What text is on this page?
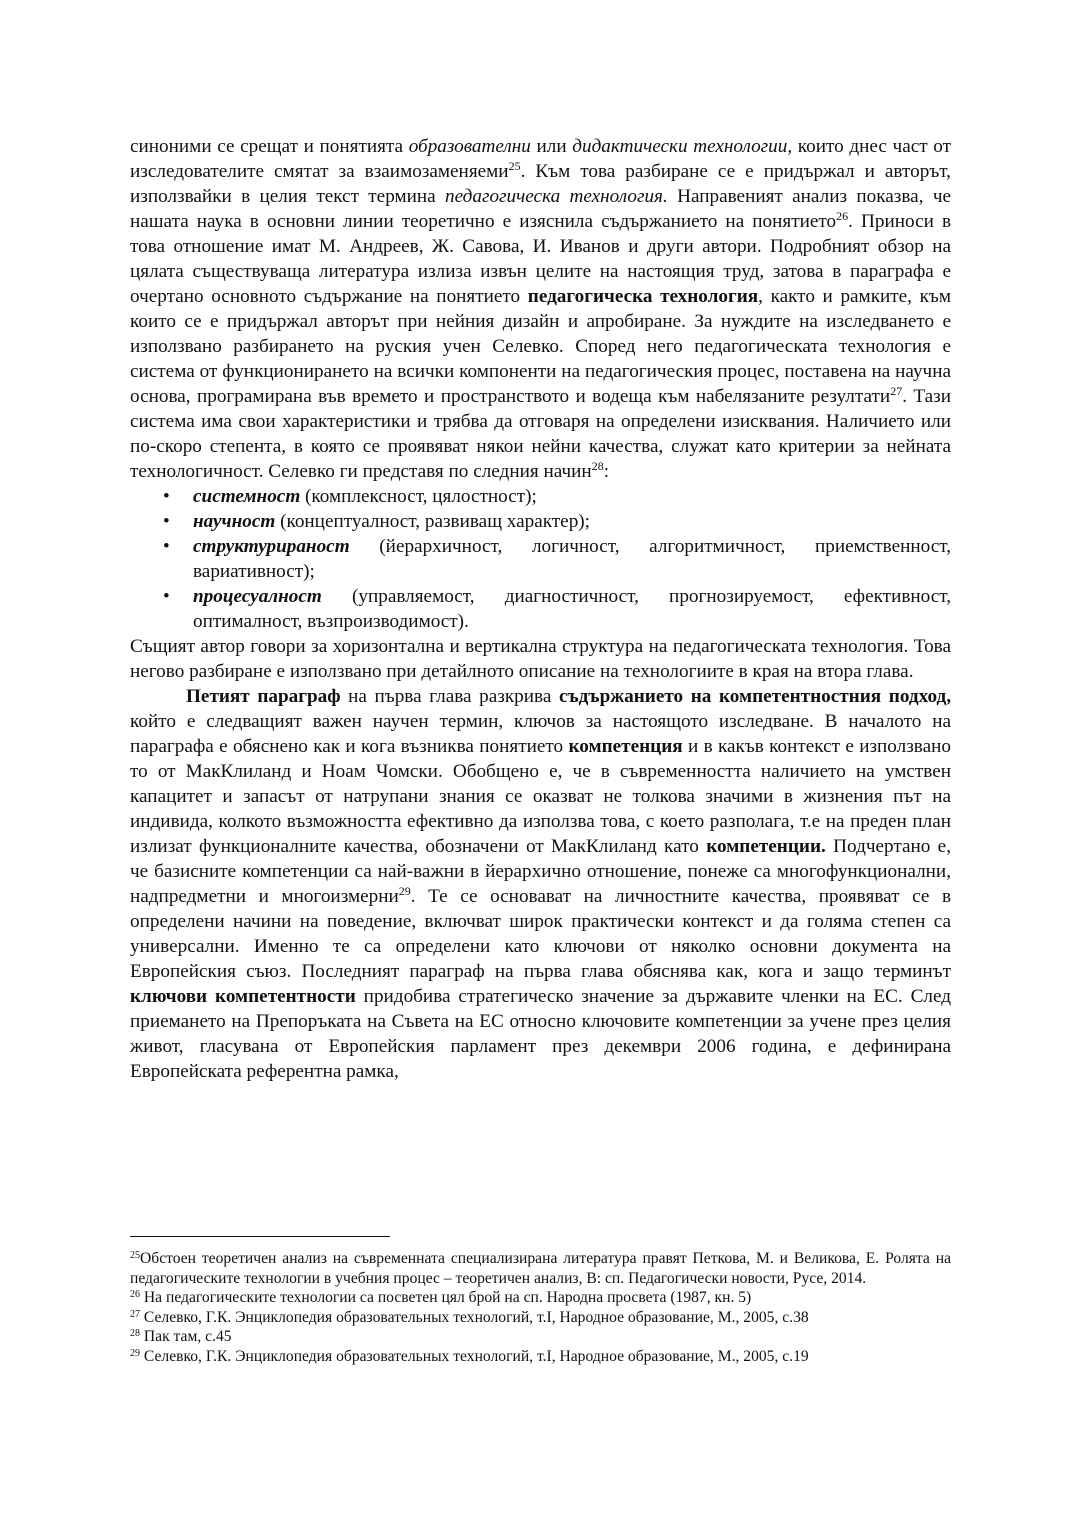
синоними се срещат и понятията образователни или дидактически технологии, които днес част от изследователите смятат за взаимозаменяеми$^{25}$. Към това разбиране се е придържал и авторът, използвайки в целия текст термина педагогическа технология. Направеният анализ показва, че нашата наука в основни линии теоретично е изяснила съдържанието на понятието$^{26}$. Приноси в това отношение имат М. Андреев, Ж. Савова, И. Иванов и други автори. Подробният обзор на цялата съществуваща литература излиза извън целите на настоящия труд, затова в параграфа е очертано основното съдържание на понятието педагогическа технология, както и рамките, към които се е придържал авторът при нейния дизайн и апробиране. За нуждите на изследването е използвано разбирането на руския учен Селевко. Според него педагогическата технология е система от функционирането на всички компоненти на педагогическия процес, поставена на научна основа, програмирана във времето и пространството и водеща към набелязаните резултати$^{27}$. Тази система има свои характеристики и трябва да отговаря на определени изисквания. Наличието или по-скоро степента, в която се проявяват някои нейни качества, служат като критерии за нейната технологичност. Селевко ги представя по следния начин$^{28}$:

•	системност (комплексност, цялостност);
•	научност (концептуалност, развиващ характер);
•	структурираност (йерархичност, логичност, алгоритмичност, приемственност, вариативност);
•	процесуалност (управляемост, диагностичност, прогнозируемост, ефективност, оптималност, възпроизводимост).

Същият автор говори за хоризонтална и вертикална структура на педагогическата технология. Това негово разбиране е използвано при детайлното описание на технологиите в края на втора глава.

Петият параграф на първа глава разкрива съдържанието на компетентностния подход, който е следващият важен научен термин, ключов за настоящото изследване. В началото на параграфа е обяснено как и кога възниква понятието компетенция и в какъв контекст е използвано то от МакКлиланд и Ноам Чомски. Обобщено е, че в съвременността наличието на умствен капацитет и запасът от натрупани знания се оказват не толкова значими в жизнения път на индивида, колкото възможността ефективно да използва това, с което разполага, т.е на преден план излизат функционалните качества, обозначени от МакКлиланд като компетенции. Подчертано е, че базисните компетенции са най-важни в йерархично отношение, понеже са многофункционални, надпредметни и многоизмерни$^{29}$. Те се основават на личностните качества, проявяват се в определени начини на поведение, включват широк практически контекст и да голяма степен са универсални. Именно те са определени като ключови от няколко основни документа на Европейския съюз. Последният параграф на първа глава обяснява как, кога и защо терминът ключови компетентности придобива стратегическо значение за държавите членки на ЕС. След приемането на Препоръката на Съвета на ЕС относно ключовите компетенции за учене през целия живот, гласувана от Европейския парламент през декември 2006 година, е дефинирана Европейската референтна рамка,

$^{25}$Обстоен теоретичен анализ на съвременната специализирана литература правят Петкова, М. и Великова, Е. Ролята на педагогическите технологии в учебния процес – теоретичен анализ, В: сп. Педагогически новости, Русе, 2014.

$^{26}$ На педагогическите технологии са посветен цял брой на сп. Народна просвета (1987, кн. 5)

$^{27}$ Селевко, Г.К. Энциклопедия образовательных технологий, т.I, Народное образование, М., 2005, с.38

$^{28}$ Пак там, с.45

$^{29}$ Селевко, Г.К. Энциклопедия образовательных технологий, т.I, Народное образование, М., 2005, с.19
